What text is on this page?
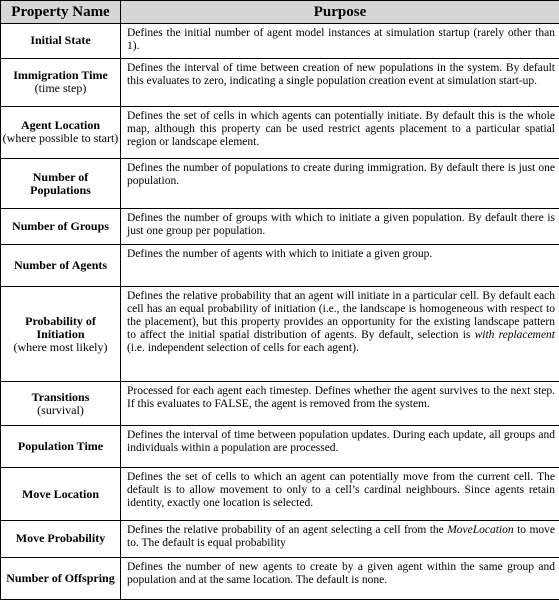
Property Name	Purpose

Initial State	Defines the initial number of agent model instances at simulation startup (rarely other than 1).

Immigration Time
(time step)	Defines the interval of time between creation of new populations in the system. By default this evaluates to zero, indicating a single population creation event at simulation start-up.

Agent Location
(where possible to start)	Defines the set of cells in which agents can potentially initiate. By default this is the whole map, although this property can be used restrict agents placement to a particular spatial region or landscape element.

Number of Populations	Defines the number of populations to create during immigration. By default there is just one population.

Number of Groups	Defines the number of groups with which to initiate a given population. By default there is just one group per population.

Number of Agents	Defines the number of agents with which to initiate a given group.

Probability of Initiation
(where most likely)	Defines the relative probability that an agent will initiate in a particular cell. By default each cell has an equal probability of initiation (i.e., the landscape is homogeneous with respect to the placement), but this property provides an opportunity for the existing landscape pattern to affect the initial spatial distribution of agents. By default, selection is with replacement (i.e. independent selection of cells for each agent).

Transitions
(survival)	Processed for each agent each timestep. Defines whether the agent survives to the next step. If this evaluates to FALSE, the agent is removed from the system.

Population Time	Defines the interval of time between population updates. During each update, all groups and individuals within a population are processed.

Move Location	Defines the set of cells to which an agent can potentially move from the current cell. The default is to allow movement to only to a cell’s cardinal neighbours. Since agents retain identity, exactly one location is selected.

Move Probability	Defines the relative probability of an agent selecting a cell from the MoveLocation to move to. The default is equal probability

Number of Offspring	Defines the number of new agents to create by a given agent within the same group and population and at the same location. The default is none.
